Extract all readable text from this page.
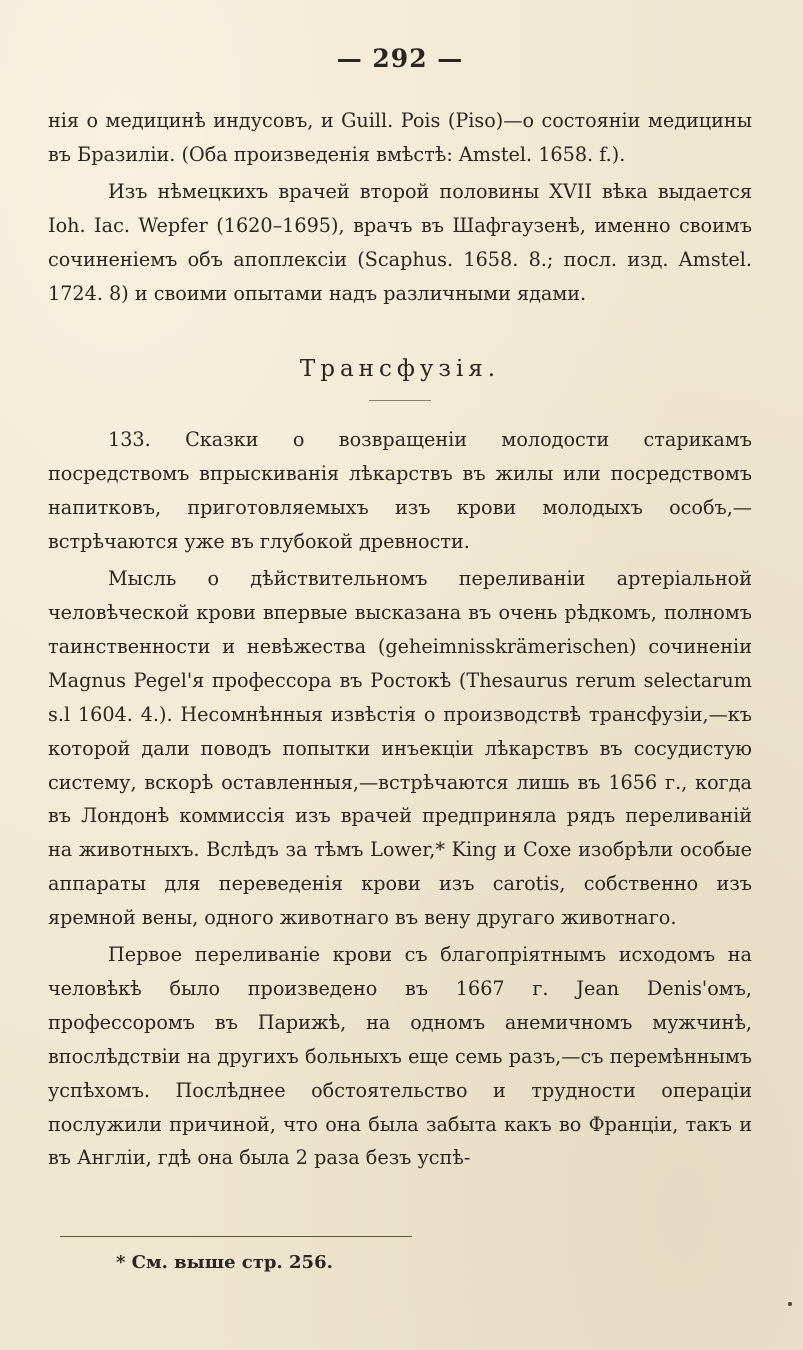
— 292 —

нія о медицинѣ индусовъ, и Guill. Pois (Piso)—о состояніи медицины въ Бразиліи. (Оба произведенія вмѣстѣ: Amstel. 1658. f.).

Изъ нѣмецкихъ врачей второй половины XVII вѣка выдается Ioh. Iac. Wepfer (1620–1695), врачъ въ Шафгаузенѣ, именно своимъ сочиненіемъ объ апоплексіи (Scaphus. 1658. 8.; посл. изд. Amstel. 1724. 8) и своими опытами надъ различными ядами.

Трансфузія.

133. Сказки о возвращеніи молодости старикамъ посредствомъ впрыскиванія лѣкарствъ въ жилы или посредствомъ напитковъ, приготовляемыхъ изъ крови молодыхъ особъ,— встрѣчаются уже въ глубокой древности.

Мысль о дѣйствительномъ переливаніи артеріальной человѣческой крови впервые высказана въ очень рѣдкомъ, полномъ таинственности и невѣжества (geheimnisskrämerischen) сочиненіи Magnus Pegel'я профессора въ Ростокѣ (Thesaurus rerum selectarum s.l 1604. 4.). Несомнѣнныя извѣстія о производствѣ трансфузіи,—къ которой дали поводъ попытки инъекціи лѣкарствъ въ сосудистую систему, вскорѣ оставленныя,—встрѣчаются лишь въ 1656 г., когда въ Лондонѣ коммиссія изъ врачей предприняла рядъ переливаній на животныхъ. Вслѣдъ за тѣмъ Lower,* King и Coxe изобрѣли особые аппараты для переведенія крови изъ carotis, собственно изъ яремной вены, одного животнаго въ вену другаго животнаго.

Первое переливаніе крови съ благопріятнымъ исходомъ на человѣкѣ было произведено въ 1667 г. Jean Denis'омъ, профессоромъ въ Парижѣ, на одномъ анемичномъ мужчинѣ, впослѣдствіи на другихъ больныхъ еще семь разъ,—съ перемѣннымъ успѣхомъ. Послѣднее обстоятельство и трудности операціи послужили причиной, что она была забыта какъ во Франціи, такъ и въ Англіи, гдѣ она была 2 раза безъ успѣ-

* См. выше стр. 256.
